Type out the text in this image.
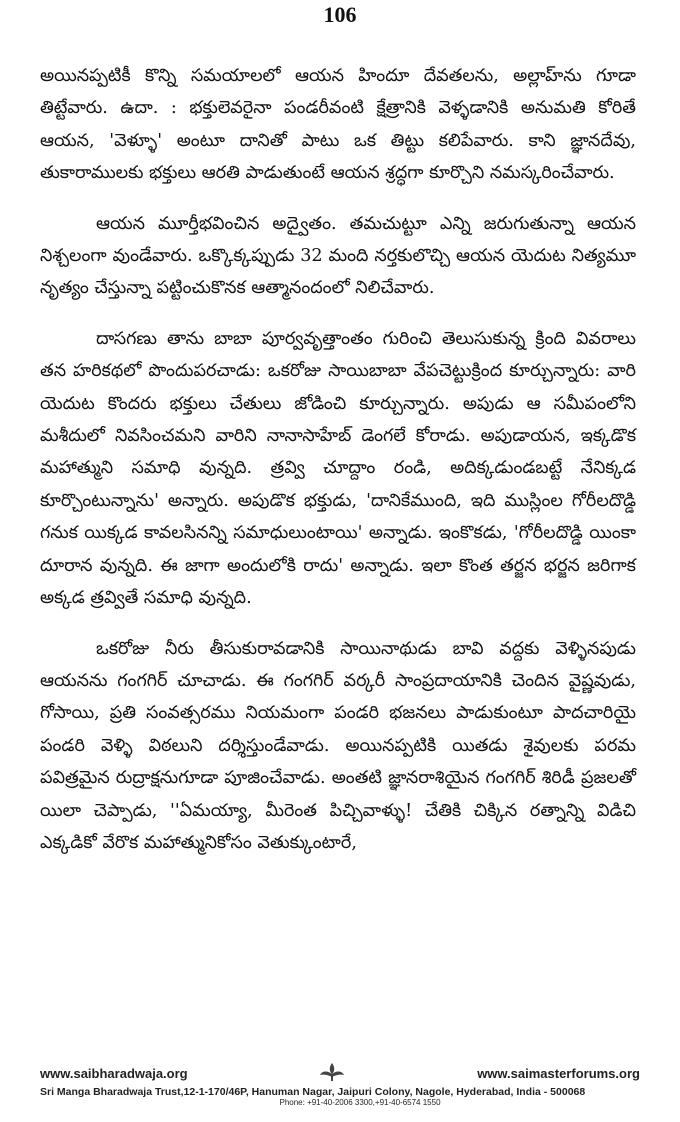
106

అయినప్పటికీ కొన్ని సమయాలలో ఆయన హిందూ దేవతలను, అల్లాహ్‌ను గూడా తిట్టేవారు. ఉదా. : భక్తులెవరైనా పండరీవంటి క్షేత్రానికి వెళ్ళడానికి అనుమతి కోరితే ఆయన, 'వెళ్ళూ' అంటూ దానితో పాటు ఒక తిట్టు కలిపేవారు. కాని జ్ఞానదేవు, తుకారాములకు భక్తులు ఆరతి పాడుతుంటే ఆయన శ్రద్ధగా కూర్చొని నమస్కరించేవారు.

ఆయన మూర్తీభవించిన అద్వైతం. తమచుట్టూ ఎన్ని జరుగుతున్నా ఆయన నిశ్చలంగా వుండేవారు. ఒక్కొక్కప్పుడు 32 మంది నర్తకులొచ్చి ఆయన యెదుట నిత్యమూ నృత్యం చేస్తున్నా పట్టించుకొనక ఆత్మానందంలో నిలిచేవారు.

దాసగణు తాను బాబా పూర్వవృత్తాంతం గురించి తెలుసుకున్న క్రింది వివరాలు తన హరికథలో పొందుపరచాడు: ఒకరోజు సాయిబాబా వేపచెట్టుక్రింద కూర్చున్నారు: వారి యెదుట కొందరు భక్తులు చేతులు జోడించి కూర్చున్నారు. అపుడు ఆ సమీపంలోని మశీదులో నివసించమని వారిని నానాసాహేబ్ డెంగలే కోరాడు. అపుడాయన, ఇక్కడొక మహాత్ముని సమాధి వున్నది. త్రవ్వి చూద్దాం రండి, అదిక్కడుండబట్టే నేనిక్కడ కూర్చొంటున్నాను' అన్నారు. అపుడొక భక్తుడు, 'దానికేముంది, ఇది ముస్లింల గోరీలదొడ్డి గనుక యిక్కడ కావలసినన్ని సమాధులుంటాయి' అన్నాడు. ఇంకొకడు, 'గోరీలదొడ్డి యింకా దూరాన వున్నది. ఈ జాగా అందులోకి రాదు' అన్నాడు. ఇలా కొంత తర్జన భర్జన జరిగాక అక్కడ త్రవ్వితే సమాధి వున్నది.

ఒకరోజు నీరు తీసుకురావడానికి సాయినాథుడు బావి వద్దకు వెళ్ళినపుడు ఆయనను గంగగిర్ చూచాడు. ఈ గంగగిర్ వర్కరీ సాంప్రదాయానికి చెందిన వైష్ణవుడు, గోసాయి, ప్రతి సంవత్సరము నియమంగా పండరి భజనలు పాడుకుంటూ పాదచారియై పండరి వెళ్ళి విఠలుని దర్శిస్తుండేవాడు. అయినప్పటికి యితడు శైవులకు పరమ పవిత్రమైన రుద్రాక్షనుగూడా పూజించేవాడు. అంతటి జ్ఞానరాశియైన గంగగిర్ శిరిడీ ప్రజలతో యిలా చెప్పాడు, ''ఏమయ్యా, మీరెంత పిచ్చివాళ్ళు! చేతికి చిక్కిన రత్నాన్ని విడిచి ఎక్కడికో వేరొక మహాత్మునికోసం వెతుక్కుంటారే,

www.saibharadwaja.org	www.saimasterforums.org
Sri Manga Bharadwaja Trust,12-1-170/46P, Hanuman Nagar, Jaipuri Colony, Nagole, Hyderabad, India - 500068
Phone: +91-40-2006 3300,+91-40-6574 1550
